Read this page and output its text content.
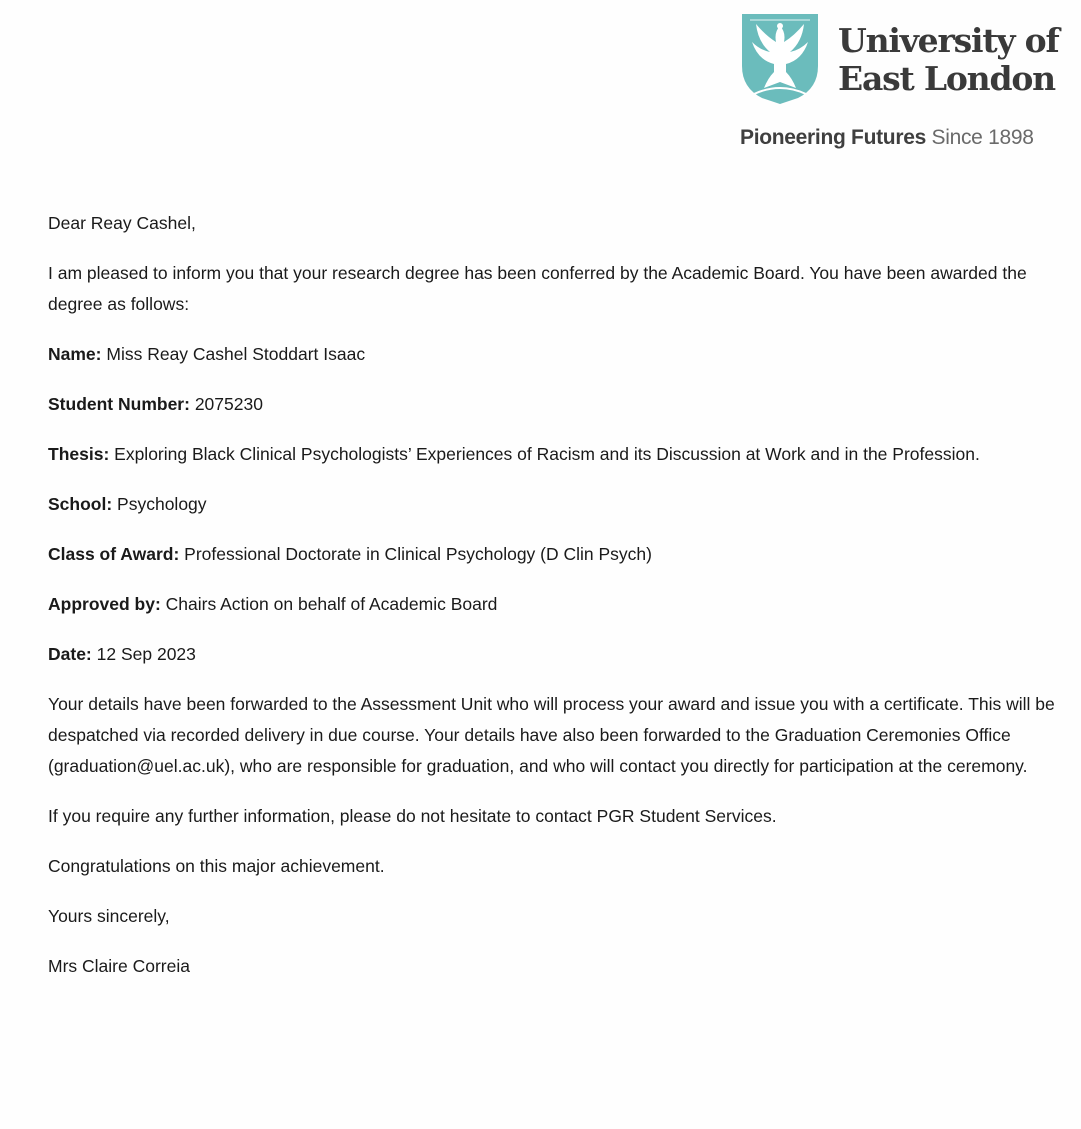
University of
East London
Pioneering Futures Since 1898

Dear Reay Cashel,

I am pleased to inform you that your research degree has been conferred by the Academic Board. You have been awarded the degree as follows:

Name: Miss Reay Cashel Stoddart Isaac

Student Number: 2075230

Thesis: Exploring Black Clinical Psychologists’ Experiences of Racism and its Discussion at Work and in the Profession.

School: Psychology

Class of Award: Professional Doctorate in Clinical Psychology (D Clin Psych)

Approved by: Chairs Action on behalf of Academic Board

Date: 12 Sep 2023

Your details have been forwarded to the Assessment Unit who will process your award and issue you with a certificate. This will be despatched via recorded delivery in due course. Your details have also been forwarded to the Graduation Ceremonies Office (graduation@uel.ac.uk), who are responsible for graduation, and who will contact you directly for participation at the ceremony.

If you require any further information, please do not hesitate to contact PGR Student Services.

Congratulations on this major achievement.

Yours sincerely,

Mrs Claire Correia
